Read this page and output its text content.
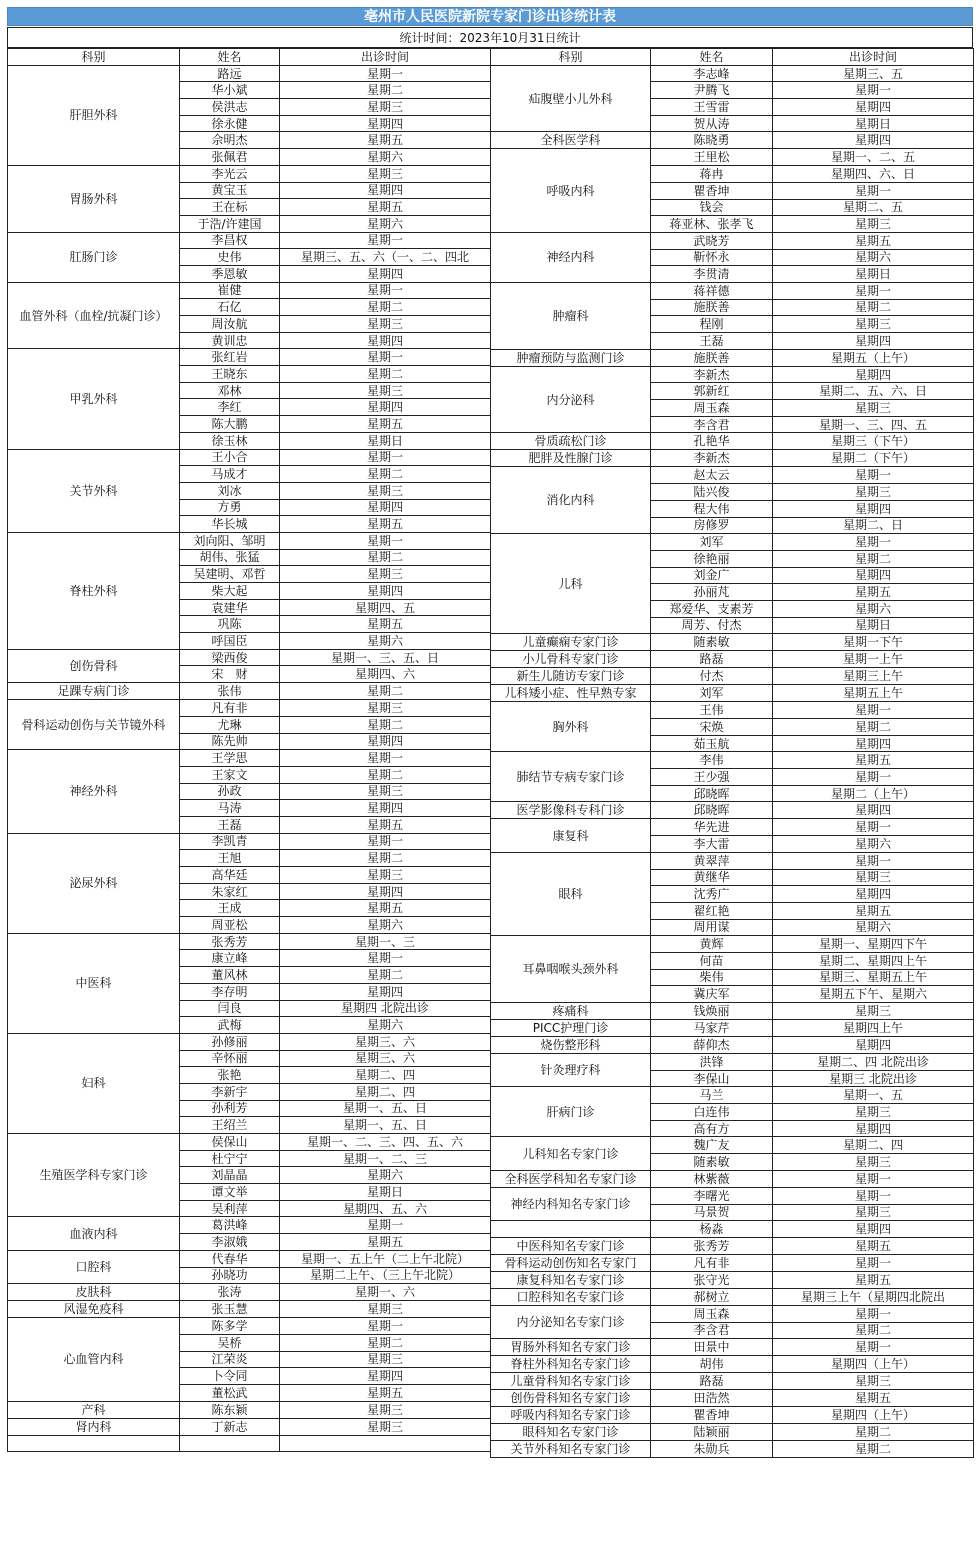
亳州市人民医院新院专家门诊出诊统计表
统计时间：2023年10月31日统计
科别	姓名	出诊时间
肝胆外科	路远	星期一
	华小斌	星期二
	侯洪志	星期三
	徐永健	星期四
	佘明杰	星期五
	张佩君	星期六
胃肠外科	李光云	星期三
	黄宝玉	星期四
	王在标	星期五
	于浩/许建国	星期六
肛肠门诊	李昌权	星期一
	史伟	星期三、五、六（一、二、四北
	季恩敏	星期四
血管外科（血栓/抗凝门诊）	崔健	星期一
	石亿	星期二
	周汝航	星期三
	黄训忠	星期四
甲乳外科	张红岩	星期一
	王晓东	星期二
	邓林	星期三
	李红	星期四
	陈大鹏	星期五
	徐玉林	星期日
关节外科	王小合	星期一
	马成才	星期二
	刘冰	星期三
	方勇	星期四
	华长城	星期五
脊柱外科	刘向阳、邹明	星期一
	胡伟、张猛	星期二
	吴建明、邓哲	星期三
	柴大起	星期四
	袁建华	星期四、五
	巩陈	星期五
	呼国臣	星期六
创伤骨科	梁西俊	星期一、三、五、日
	宋　财	星期四、六
足踝专病门诊	张伟	星期二
骨科运动创伤与关节镜外科	凡有非	星期三
	尤琳	星期二
	陈先帅	星期四
神经外科	王学思	星期一
	王家文	星期二
	孙政	星期三
	马涛	星期四
	王磊	星期五
泌尿外科	李凯青	星期一
	王旭	星期二
	高华廷	星期三
	朱家红	星期四
	王成	星期五
	周亚松	星期六
中医科	张秀芳	星期一、三
	康立峰	星期一
	董风林	星期二
	李存明	星期四
	闫良	星期四 北院出诊
	武梅	星期六
妇科	孙修丽	星期三、六
	辛怀丽	星期三、六
	张艳	星期二、四
	李新宇	星期二、四
	孙利芳	星期一、五、日
	王绍兰	星期一、五、日
生殖医学科专家门诊	侯保山	星期一、二、三、四、五、六
	杜宁宁	星期一、二、三
	刘晶晶	星期六
	谭文举	星期日
	吴利萍	星期四、五、六
血液内科	葛洪峰	星期一
	李淑娥	星期五
口腔科	代春华	星期一、五上午（二上午北院）
	孙晓功	星期二上午、（三上午北院）
皮肤科	张涛	星期一、六
风湿免疫科	张玉慧	星期三
心血管内科	陈多学	星期一
	吴桥	星期二
	江荣炎	星期三
	卜令同	星期四
	董松武	星期五
产科	陈东颖	星期三
肾内科	丁新志	星期三

科别	姓名	出诊时间
疝腹壁小儿外科	李志峰	星期三、五
	尹腾飞	星期一
	王雪雷	星期四
	贺从涛	星期日
全科医学科	陈晓勇	星期四
呼吸内科	王里松	星期一、二、五
	蒋冉	星期四、六、日
	瞿香坤	星期一
	钱会	星期二、五
	蒋亚林、张孝飞	星期三
神经内科	武晓芳	星期五
	靳怀永	星期六
	李贯清	星期日
肿瘤科	蒋祥德	星期一
	施朕善	星期二
	程刚	星期三
	王磊	星期四
肿瘤预防与监测门诊	施朕善	星期五（上午）
内分泌科	李新杰	星期四
	郭新红	星期二、五、六、日
	周玉森	星期三
	李含君	星期一、三、四、五
骨质疏松门诊	孔艳华	星期三（下午）
肥胖及性腺门诊	李新杰	星期二（下午）
消化内科	赵太云	星期一
	陆兴俊	星期三
	程大伟	星期四
	房修罗	星期二、日
儿科	刘军	星期一
	徐艳丽	星期二
	刘金广	星期四
	孙丽芃	星期五
	郑爱华、支素芳	星期六
	周芳、付杰	星期日
儿童癫痫专家门诊	随素敏	星期一下午
小儿骨科专家门诊	路磊	星期一上午
新生儿随访专家门诊	付杰	星期三上午
儿科矮小症、性早熟专家	刘军	星期五上午
胸外科	王伟	星期一
	宋焕	星期二
	茹玉航	星期四
肺结节专病专家门诊	李伟	星期五
	王少强	星期一
	邱晓晖	星期二（上午）
医学影像科专科门诊	邱晓晖	星期四
康复科	华先进	星期一
	李大雷	星期六
眼科	黄翠萍	星期一
	黄继华	星期三
	沈秀广	星期四
	翟红艳	星期五
	周用谋	星期六
耳鼻咽喉头颈外科	黄辉	星期一、星期四下午
	何苗	星期二、星期四上午
	柴伟	星期三、星期五上午
	冀庆军	星期五下午、星期六
疼痛科	钱焕丽	星期三
PICC护理门诊	马家芹	星期四上午
烧伤整形科	薛仰杰	星期四
针灸理疗科	洪锋	星期二、四 北院出诊
	李保山	星期三 北院出诊
肝病门诊	马兰	星期一、五
	白连伟	星期三
	高有方	星期四
儿科知名专家门诊	魏广友	星期二、四
	随素敏	星期三
全科医学科知名专家门诊	林紫薇	星期一
神经内科知名专家门诊	李曙光	星期一
	马景贺	星期三
	杨淼	星期四
中医科知名专家门诊	张秀芳	星期五
骨科运动创伤知名专家门	凡有非	星期一
康复科知名专家门诊	张守光	星期五
口腔科知名专家门诊	郝树立	星期三上午（星期四北院出
内分泌知名专家门诊	周玉森	星期一
	李含君	星期二
胃肠外科知名专家门诊	田景中	星期一
脊柱外科知名专家门诊	胡伟	星期四（上午）
儿童骨科知名专家门诊	路磊	星期三
创伤骨科知名专家门诊	田浩然	星期五
呼吸内科知名专家门诊	瞿香坤	星期四（上午）
眼科知名专家门诊	陆颖丽	星期二
关节外科知名专家门诊	朱勋兵	星期二
